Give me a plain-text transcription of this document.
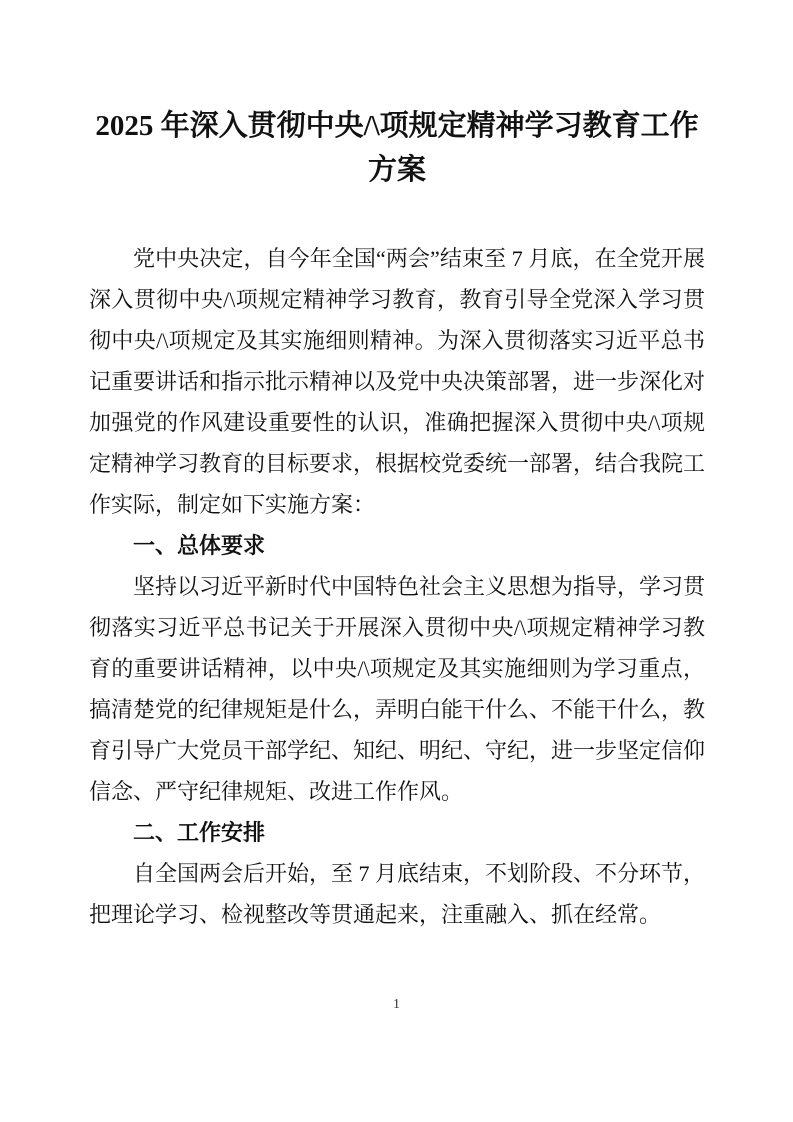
2025 年深入贯彻中央/\项规定精神学习教育工作方案

党中央决定，自今年全国“两会”结束至 7 月底，在全党开展深入贯彻中央/\项规定精神学习教育，教育引导全党深入学习贯彻中央/\项规定及其实施细则精神。为深入贯彻落实习近平总书记重要讲话和指示批示精神以及党中央决策部署，进一步深化对加强党的作风建设重要性的认识，准确把握深入贯彻中央/\项规定精神学习教育的目标要求，根据校党委统一部署，结合我院工作实际，制定如下实施方案：

一、总体要求

坚持以习近平新时代中国特色社会主义思想为指导，学习贯彻落实习近平总书记关于开展深入贯彻中央/\项规定精神学习教育的重要讲话精神，以中央/\项规定及其实施细则为学习重点，搞清楚党的纪律规矩是什么，弄明白能干什么、不能干什么，教育引导广大党员干部学纪、知纪、明纪、守纪，进一步坚定信仰信念、严守纪律规矩、改进工作作风。

二、工作安排

自全国两会后开始，至 7 月底结束，不划阶段、不分环节，把理论学习、检视整改等贯通起来，注重融入、抓在经常。

1
